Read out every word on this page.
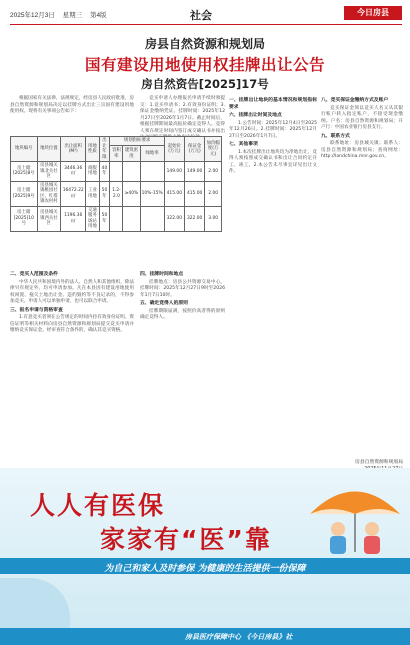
2025年12月3日 星期三 第4版	社会	今日房县
房县自然资源和规划局
国有建设用地使用权挂牌出让公告
房自然资告[2025]17号

根据国家有关法律、法规规定，经房县人民政府批准，房县自然资源和规划局决定以挂牌方式出让三宗国有建设用地使用权。现将有关事项公告如下：

竞买申请人办理报名申请手续时须提交：1.竞买申请书；2.有效身份证明；3.保证金缴纳凭证。挂牌时间：2025年12月27日至2026年1月7日。截止时间后，根据挂牌期间最高报价确定竞得人。竞得人须在规定时间内签订成交确认书并按出

地块编号	地块位置	出让面积(M²)	用地性质	出让年限	规划指标要求			起始价(万元)	保证金(万元)	加价幅度(万元)
					容积率	建筑密度	绿地率			
房土储[2025]8号	房县城关镇北关社区	3446.36㎡	商服用地	40年				149.00	149.00	2.00
房土储[2025]9号	房县城关镇桃园社区、红塔镇农村村	16472.22㎡	工业用地	50年	1.2-2.0	≥40%	10%-15%	415.00	415.00	2.00
房土储[2025]10号	房县城关镇西关社区	1196.36㎡	交通服务场站用地	50年				322.00	322.00	3.00
一、挂牌出让地块的基本情况和规划指标要求
六、挂牌出让时间及地点

1.公告时间：2025年12月4日至2025年12月26日。2.挂牌时间：2025年12月27日至2026年1月7日。

七、其他事项

1.本次挂牌出让地块均为净地出让，竞得人须按照成交确认书和出让合同约定开工、竣工。2.本公告未尽事宜详见出让文件。

八、竞买保证金缴纳方式及账户

竞买保证金须以竞买人名义从其银行账户转入指定账户，不接受现金缴纳。户名：房县自然资源和规划局；开户行：中国农业银行房县支行。

九、联系方式

联系地址：房县城关镇；联系人：房县自然资源和规划局；查询网址：http://landchina.mnr.gov.cn。

二、竞买人范围及条件

中华人民共和国境内外的法人、自然人和其他组织，除法律另有规定外，均可申请参加。凡在本县因有建设用地使用权闲置、拖欠土地出让金、违约毁约等不良记录的，不得参加竞买。申请人可以单独申请，也可以联合申请。

三、报名申请与资格审查

1.有意竞买者须在公告规定的时间内持有效身份证明、资信证明等相关材料向房县自然资源和规划局提交竞买申请并缴纳竞买保证金。经审查符合条件的，确认其竞买资格。

四、挂牌时间和地点

挂牌地点：房县公共资源交易中心。挂牌时间：2025年12月27日9时至2026年1月7日10时。

五、确定竞得人的原则

挂牌期限届满，按照价高者得的原则确定竞得人。

房县自然资源和规划局
人人有医保
家家有“医”靠
为自己和家人及时参保 为健康的生活提供一份保障
房县医疗保障中心 《今日房县》社
